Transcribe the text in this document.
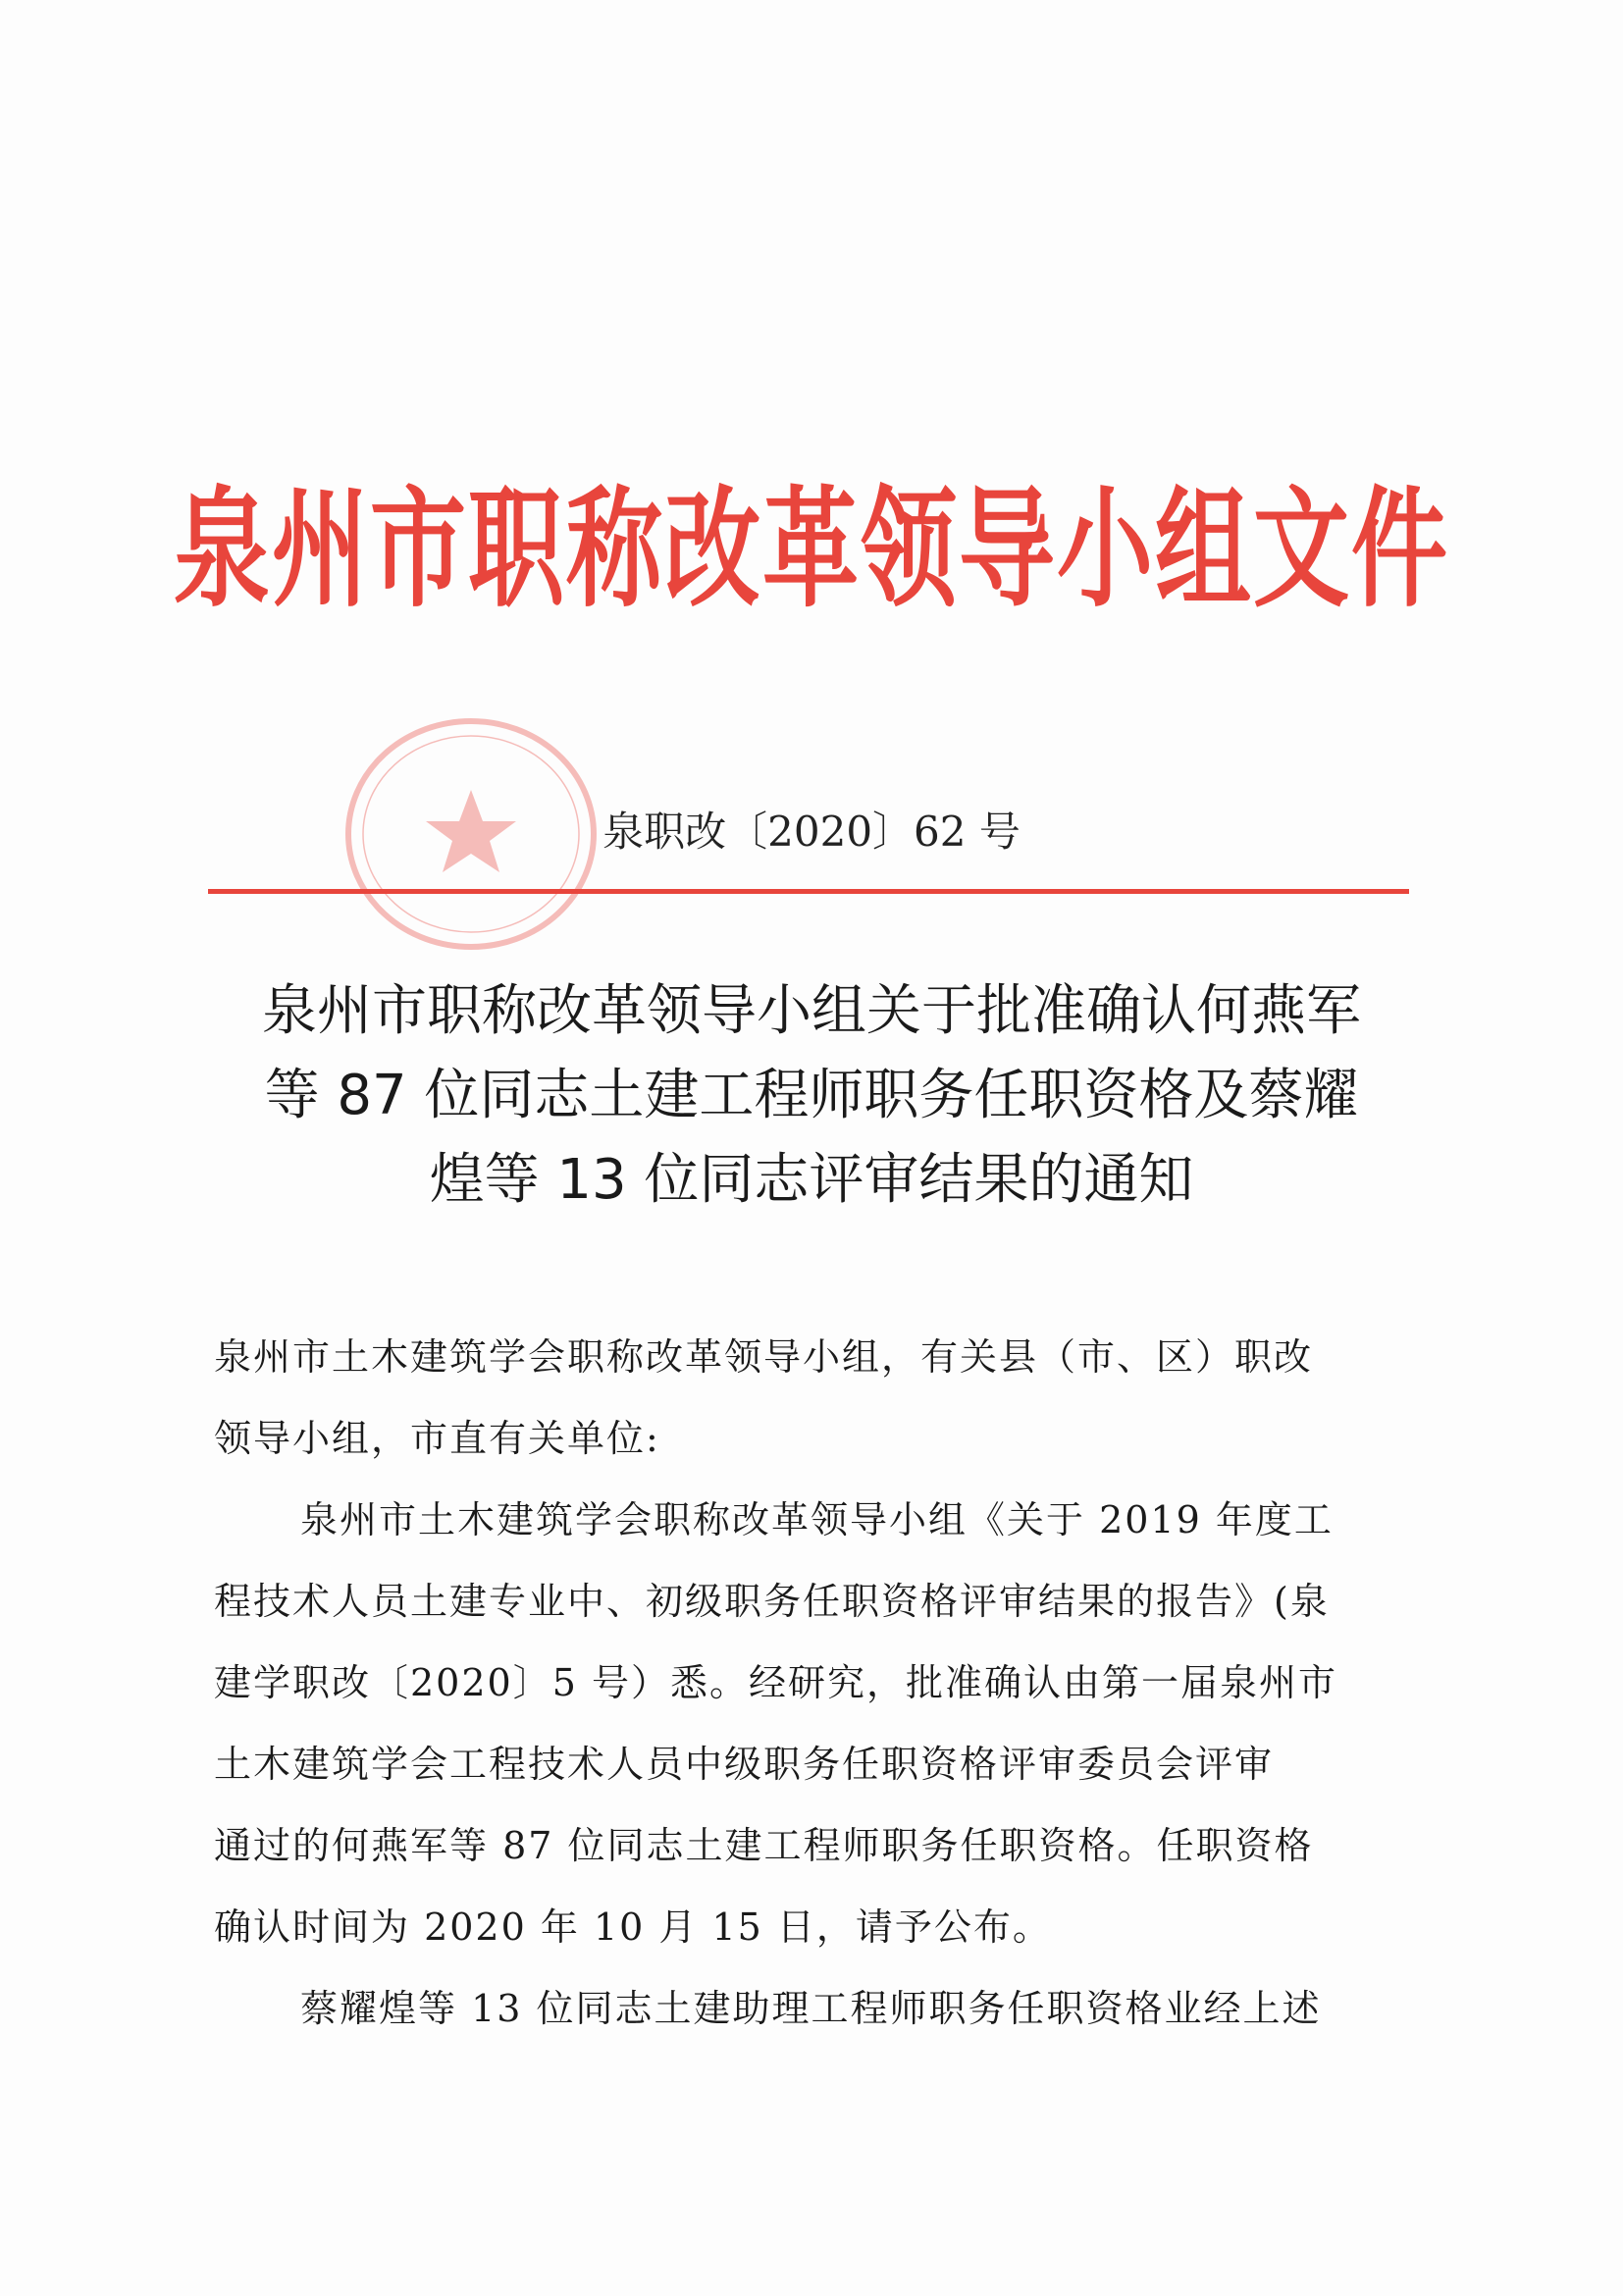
泉州市职称改革领导小组文件
泉职改〔2020〕62 号
泉州市职称改革领导小组关于批准确认何燕军
等 87 位同志土建工程师职务任职资格及蔡耀
煌等 13 位同志评审结果的通知
泉州市土木建筑学会职称改革领导小组，有关县（市、区）职改
领导小组，市直有关单位:
泉州市土木建筑学会职称改革领导小组《关于 2019 年度工
程技术人员土建专业中、初级职务任职资格评审结果的报告》(泉
建学职改〔2020〕5 号）悉。经研究，批准确认由第一届泉州市
土木建筑学会工程技术人员中级职务任职资格评审委员会评审
通过的何燕军等 87 位同志土建工程师职务任职资格。任职资格
确认时间为 2020 年 10 月 15 日，请予公布。
蔡耀煌等 13 位同志土建助理工程师职务任职资格业经上述
